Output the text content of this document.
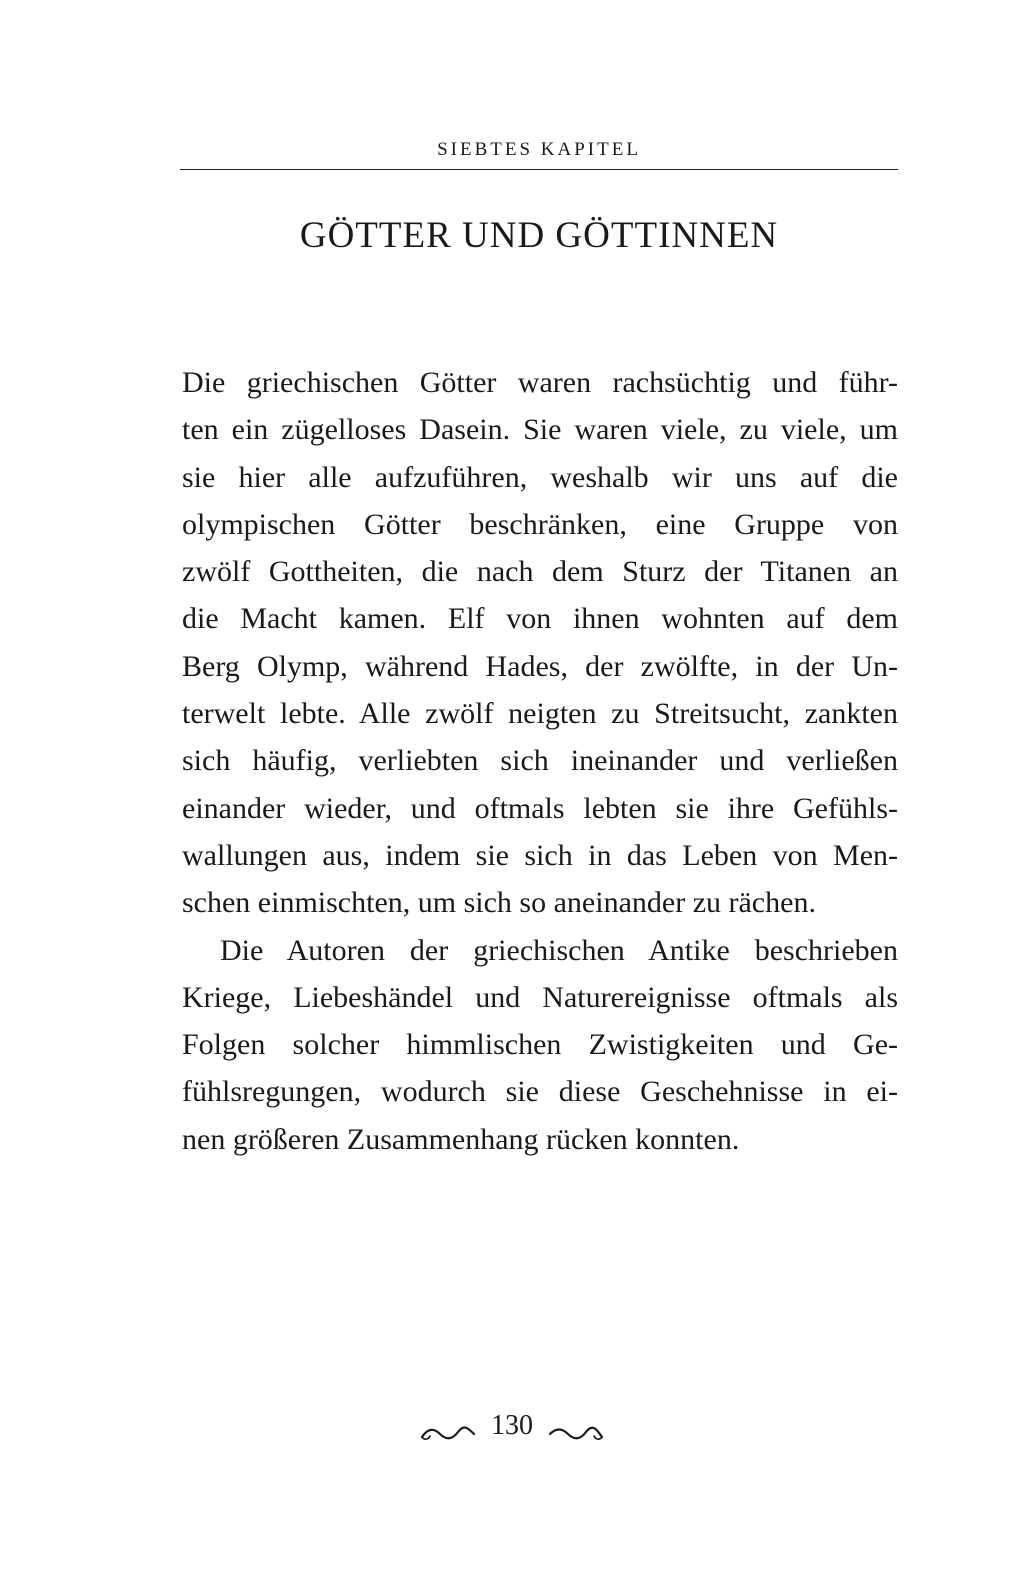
SIEBTES KAPITEL
GÖTTER UND GÖTTINNEN
Die griechischen Götter waren rachsüchtig und führ-
ten ein zügelloses Dasein. Sie waren viele, zu viele, um
sie hier alle aufzuführen, weshalb wir uns auf die
olympischen Götter beschränken, eine Gruppe von
zwölf Gottheiten, die nach dem Sturz der Titanen an
die Macht kamen. Elf von ihnen wohnten auf dem
Berg Olymp, während Hades, der zwölfte, in der Un-
terwelt lebte. Alle zwölf neigten zu Streitsucht, zankten
sich häufig, verliebten sich ineinander und verließen
einander wieder, und oftmals lebten sie ihre Gefühls-
wallungen aus, indem sie sich in das Leben von Men-
schen einmischten, um sich so aneinander zu rächen.
Die Autoren der griechischen Antike beschrieben
Kriege, Liebeshändel und Naturereignisse oftmals als
Folgen solcher himmlischen Zwistigkeiten und Ge-
fühlsregungen, wodurch sie diese Geschehnisse in ei-
nen größeren Zusammenhang rücken konnten.
130
